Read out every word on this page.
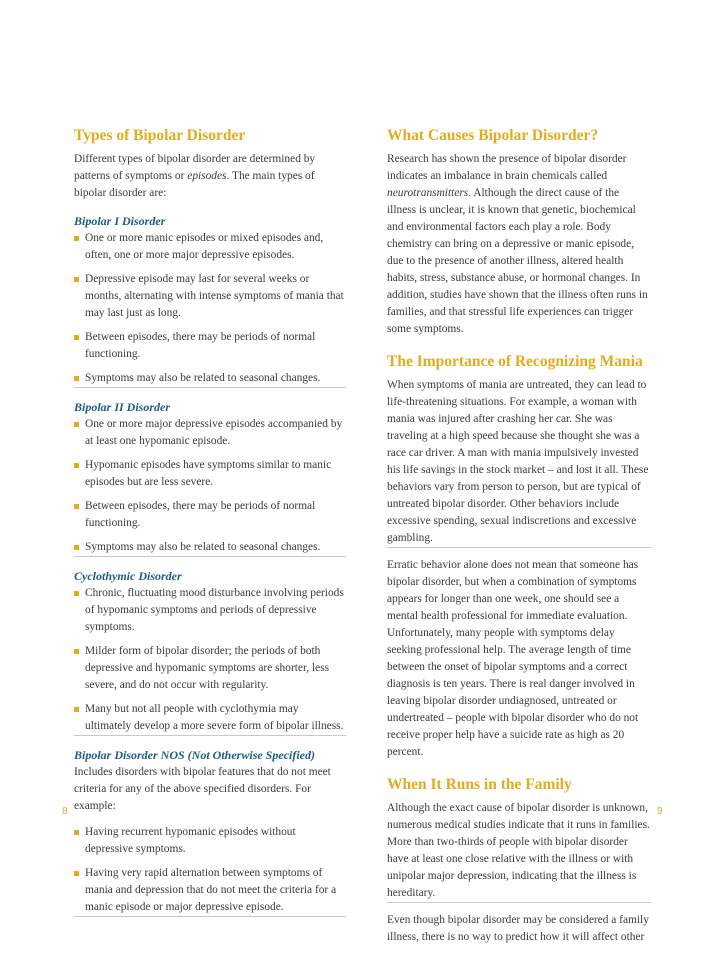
Types of Bipolar Disorder

Different types of bipolar disorder are determined by patterns of symptoms or episodes. The main types of bipolar disorder are:

Bipolar I Disorder
One or more manic episodes or mixed episodes and, often, one or more major depressive episodes.
Depressive episode may last for several weeks or months, alternating with intense symptoms of mania that may last just as long.
Between episodes, there may be periods of normal functioning.
Symptoms may also be related to seasonal changes.
Bipolar II Disorder
One or more major depressive episodes accompanied by at least one hypomanic episode.
Hypomanic episodes have symptoms similar to manic episodes but are less severe.
Between episodes, there may be periods of normal functioning.
Symptoms may also be related to seasonal changes.
Cyclothymic Disorder
Chronic, fluctuating mood disturbance involving periods of hypomanic symptoms and periods of depressive symptoms.
Milder form of bipolar disorder; the periods of both depressive and hypomanic symptoms are shorter, less severe, and do not occur with regularity.
Many but not all people with cyclothymia may ultimately develop a more severe form of bipolar illness.
Bipolar Disorder NOS (Not Otherwise Specified)

Includes disorders with bipolar features that do not meet criteria for any of the above specified disorders. For example:

Having recurrent hypomanic episodes without depressive symptoms.
Having very rapid alternation between symptoms of mania and depression that do not meet the criteria for a manic episode or major depressive episode.
What Causes Bipolar Disorder?

Research has shown the presence of bipolar disorder indicates an imbalance in brain chemicals called neurotransmitters. Although the direct cause of the illness is unclear, it is known that genetic, biochemical and environmental factors each play a role. Body chemistry can bring on a depressive or manic episode, due to the presence of another illness, altered health habits, stress, substance abuse, or hormonal changes. In addition, studies have shown that the illness often runs in families, and that stressful life experiences can trigger some symptoms.

The Importance of Recognizing Mania

When symptoms of mania are untreated, they can lead to life-threatening situations. For example, a woman with mania was injured after crashing her car. She was traveling at a high speed because she thought she was a race car driver. A man with mania impulsively invested his life savings in the stock market – and lost it all. These behaviors vary from person to person, but are typical of untreated bipolar disorder. Other behaviors include excessive spending, sexual indiscretions and excessive gambling.

Erratic behavior alone does not mean that someone has bipolar disorder, but when a combination of symptoms appears for longer than one week, one should see a mental health professional for immediate evaluation. Unfortunately, many people with symptoms delay seeking professional help. The average length of time between the onset of bipolar symptoms and a correct diagnosis is ten years. There is real danger involved in leaving bipolar disorder undiagnosed, untreated or undertreated – people with bipolar disorder who do not receive proper help have a suicide rate as high as 20 percent.

When It Runs in the Family

Although the exact cause of bipolar disorder is unknown, numerous medical studies indicate that it runs in families. More than two-thirds of people with bipolar disorder have at least one close relative with the illness or with unipolar major depression, indicating that the illness is hereditary.

Even though bipolar disorder may be considered a family illness, there is no way to predict how it will affect other

8	9
